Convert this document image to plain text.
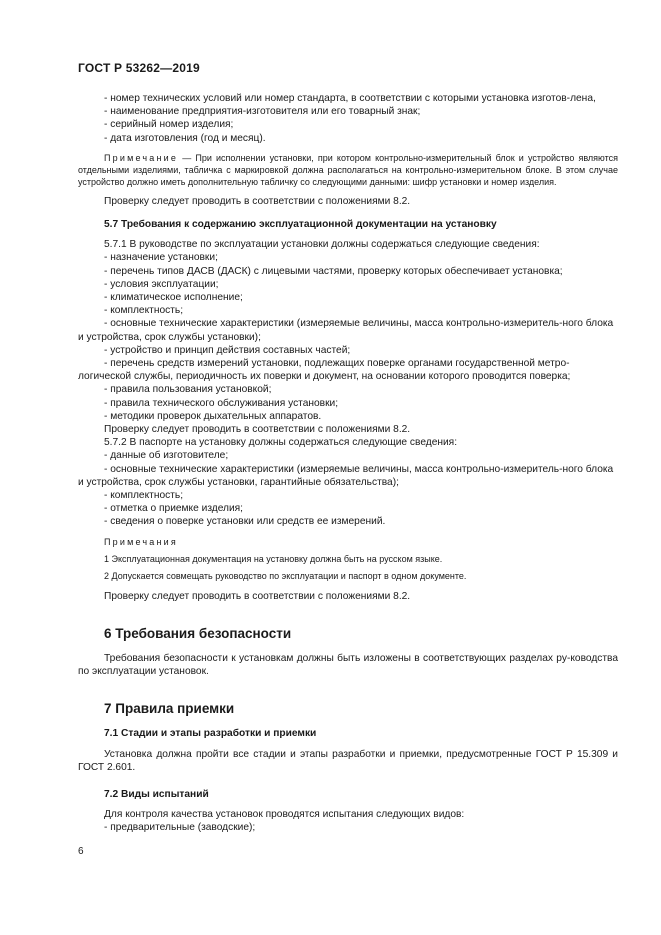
ГОСТ Р 53262—2019

- номер технических условий или номер стандарта, в соответствии с которыми установка изготов-лена,

- наименование предприятия-изготовителя или его товарный знак;

- серийный номер изделия;

- дата изготовления (год и месяц).

Примечание — При исполнении установки, при котором контрольно-измерительный блок и устройство являются отдельными изделиями, табличка с маркировкой должна располагаться на контрольно-измерительном блоке. В этом случае устройство должно иметь дополнительную табличку со следующими данными: шифр установки и номер изделия.

Проверку следует проводить в соответствии с положениями 8.2.

5.7 Требования к содержанию эксплуатационной документации на установку

5.7.1 В руководстве по эксплуатации установки должны содержаться следующие сведения:

- назначение установки;

- перечень типов ДАСВ (ДАСК) с лицевыми частями, проверку которых обеспечивает установка;

- условия эксплуатации;

- климатическое исполнение;

- комплектность;

- основные технические характеристики (измеряемые величины, масса контрольно-измеритель-ного блока и устройства, срок службы установки);

- устройство и принцип действия составных частей;

- перечень средств измерений установки, подлежащих поверке органами государственной метро-логической службы, периодичность их поверки и документ, на основании которого проводится поверка;

- правила пользования установкой;

- правила технического обслуживания установки;

- методики проверок дыхательных аппаратов.

Проверку следует проводить в соответствии с положениями 8.2.

5.7.2 В паспорте на установку должны содержаться следующие сведения:

- данные об изготовителе;

- основные технические характеристики (измеряемые величины, масса контрольно-измеритель-ного блока и устройства, срок службы установки, гарантийные обязательства);

- комплектность;

- отметка о приемке изделия;

- сведения о поверке установки или средств ее измерений.

Примечания

1 Эксплуатационная документация на установку должна быть на русском языке.

2 Допускается совмещать руководство по эксплуатации и паспорт в одном документе.

Проверку следует проводить в соответствии с положениями 8.2.

6 Требования безопасности

Требования безопасности к установкам должны быть изложены в соответствующих разделах ру-ководства по эксплуатации установок.

7 Правила приемки

7.1 Стадии и этапы разработки и приемки

Установка должна пройти все стадии и этапы разработки и приемки, предусмотренные ГОСТ Р 15.309 и ГОСТ 2.601.

7.2 Виды испытаний

Для контроля качества установок проводятся испытания следующих видов:

- предварительные (заводские);

6
